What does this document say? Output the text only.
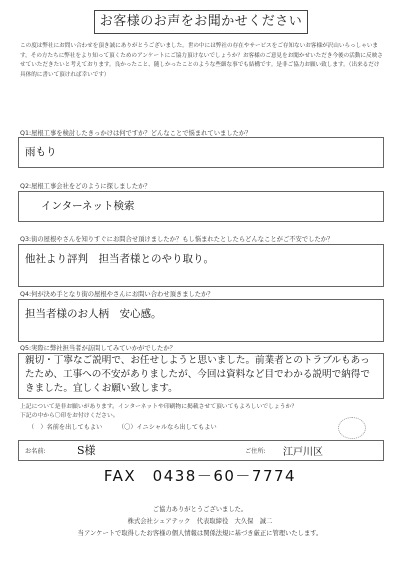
お客様のお声をお聞かせください
この度は弊社にお問い合わせを頂き誠にありがとうございました。世の中には弊社の存在やサービスをご存知ないお客様が沢山いらっしゃいます。その方たちに弊社をより知って頂くためのアンケートにご協力頂けないでしょうか？お客様のご意見をお聞かせいただき今後の活動に反映させていただきたいと考えております。良かったこと、随しかったことのような些細な事でも結構です。是非ご協力お願い致します。（出来るだけ具体的に書いて頂ければ幸いです）
Q1:屋根工事を検討したきっかけは何ですか？どんなことで悩まれていましたか？
雨もり
Q2:屋根工事会社をどのように探しましたか？
インターネット検索
Q3:街の屋根やさんを知りすぐにお問合せ頂けましたか？もし悩まれたとしたらどんなことがご不安でしたか？
他社より評判　担当者様とのやり取り。
Q4:何が決め手となり街の屋根やさんにお問い合わせ頂きましたか？
担当者様のお人柄　安心感。
Q5:実際に弊社担当者が訪問してみていかがでしたか？
親切・丁寧なご説明で、お任せしようと思いました。前業者とのトラブルもあったため、工事への不安がありましたが、今回は資料など目でわかる説明で納得できました。宜しくお願い致します。
上記について是非お願いがあります。インターネットや印刷物に掲載させて頂いてもよろしいでしょうか？
下記の中から〇印をお付けください。
（　）名前を出してもよい	（〇）イニシャルなら出してもよい
お名前:	S様	ご住所: 江戸川区
FAX　0438－60－7774
ご協力ありがとうございました。
株式会社シェアテック　代表取締役　大久保　誠二
当アンケートで取得したお客様の個人情報は関係法規に基づき厳正に管理いたします。
